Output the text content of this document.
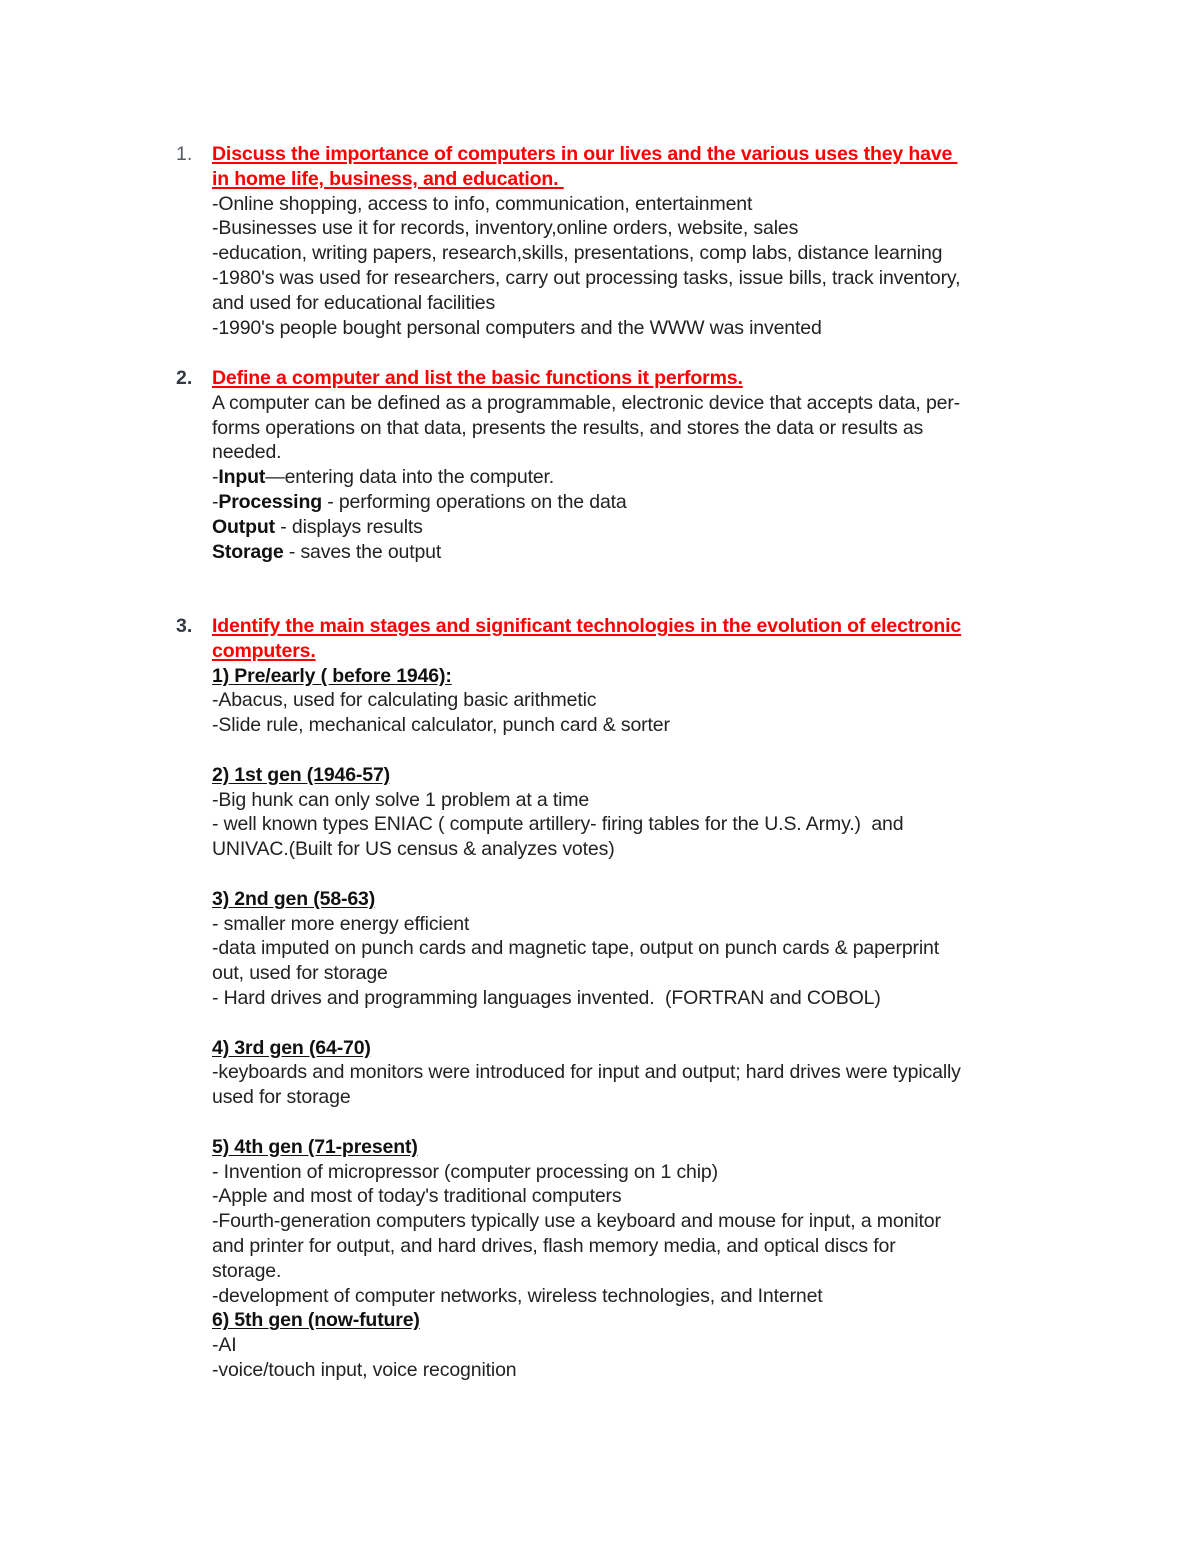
1.	Discuss the importance of computers in our lives and the various uses they have
in home life, business, and education.
-Online shopping, access to info, communication, entertainment
-Businesses use it for records, inventory,online orders, website, sales
-education, writing papers, research,skills, presentations, comp labs, distance learning
-1980's was used for researchers, carry out processing tasks, issue bills, track inventory,
and used for educational facilities
-1990's people bought personal computers and the WWW was invented
2.	Define a computer and list the basic functions it performs.
A computer can be defined as a programmable, electronic device that accepts data, per-
forms operations on that data, presents the results, and stores the data or results as
needed.
-Input—entering data into the computer.
-Processing - performing operations on the data
Output - displays results
Storage - saves the output
3.	Identify the main stages and significant technologies in the evolution of electronic
computers.
1) Pre/early ( before 1946):
-Abacus, used for calculating basic arithmetic
-Slide rule, mechanical calculator, punch card & sorter
2) 1st gen (1946-57)
-Big hunk can only solve 1 problem at a time
- well known types ENIAC ( compute artillery- firing tables for the U.S. Army.)  and
UNIVAC.(Built for US census & analyzes votes)
3) 2nd gen (58-63)
- smaller more energy efficient
-data imputed on punch cards and magnetic tape, output on punch cards & paperprint
out, used for storage
- Hard drives and programming languages invented.  (FORTRAN and COBOL)
4) 3rd gen (64-70)
-keyboards and monitors were introduced for input and output; hard drives were typically
used for storage
5) 4th gen (71-present)
- Invention of micropressor (computer processing on 1 chip)
-Apple and most of today's traditional computers
-Fourth-generation computers typically use a keyboard and mouse for input, a monitor
and printer for output, and hard drives, flash memory media, and optical discs for
storage.
-development of computer networks, wireless technologies, and Internet
6) 5th gen (now-future)
-AI
-voice/touch input, voice recognition
